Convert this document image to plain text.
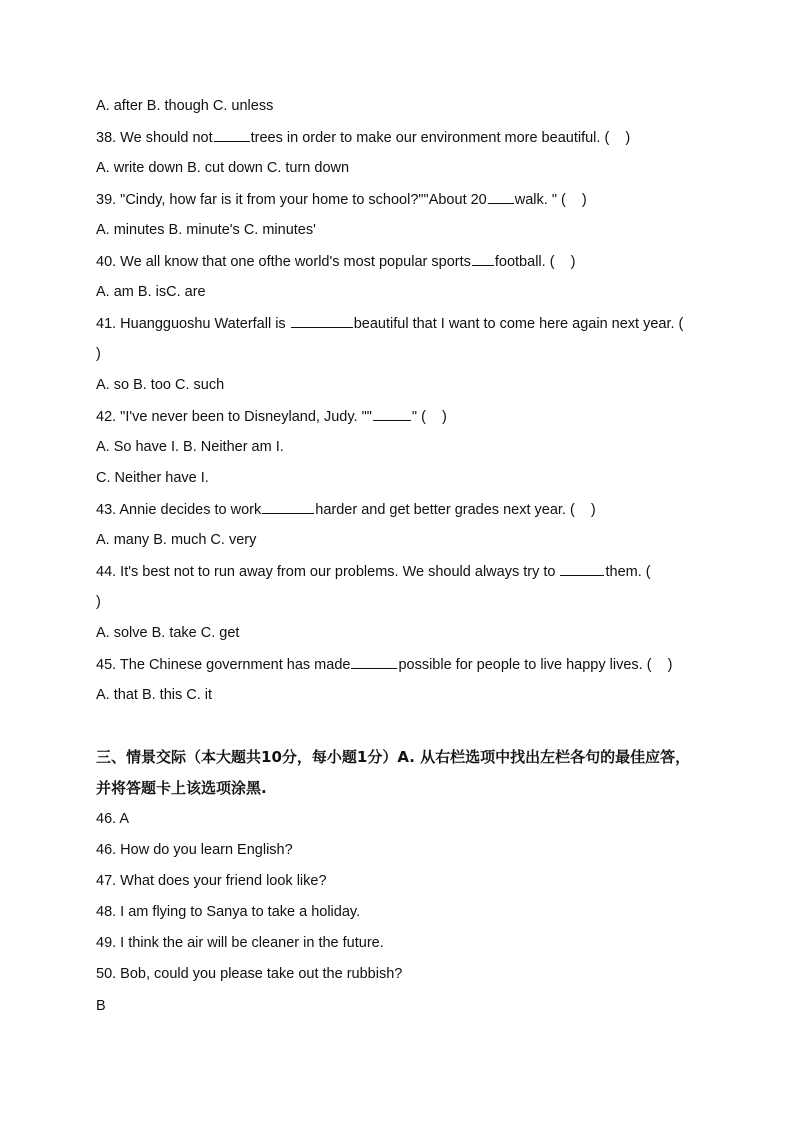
A. after B. though C. unless
38. We should not	trees in order to make our environment more beautiful. (    )
A. write down B. cut down C. turn down
39. "Cindy, how far is it from your home to school?""About 20 walk. " (    )
A. minutes B. minute's C. minutes'
40. We all know that one ofthe world's most popular sports football. (    )
A. am B. isC. are
41. Huangguoshu Waterfall is	beautiful that I want to come here again next year. (
)
A. so B. too C. such
42. "I've never been to Disneyland, Judy. ""	" (    )
A. So have I. B. Neither am I.
C. Neither have I.
43. Annie decides to work	harder and get better grades next year. (    )
A. many B. much C. very
44. It's best not to run away from our problems. We should always try to	them. (
)
A. solve B. take C. get
45. The Chinese government has made	possible for people to live happy lives. (    )
A. that B. this C. it
三、情景交际（本大题共10分，每小题1分）A. 从右栏选项中找出左栏各句的最佳应答，
并将答题卡上该选项涂黑.
46. A
46. How do you learn English?
47. What does your friend look like?
48. I am flying to Sanya to take a holiday.
49. I think the air will be cleaner in the future.
50. Bob, could you please take out the rubbish?
B
